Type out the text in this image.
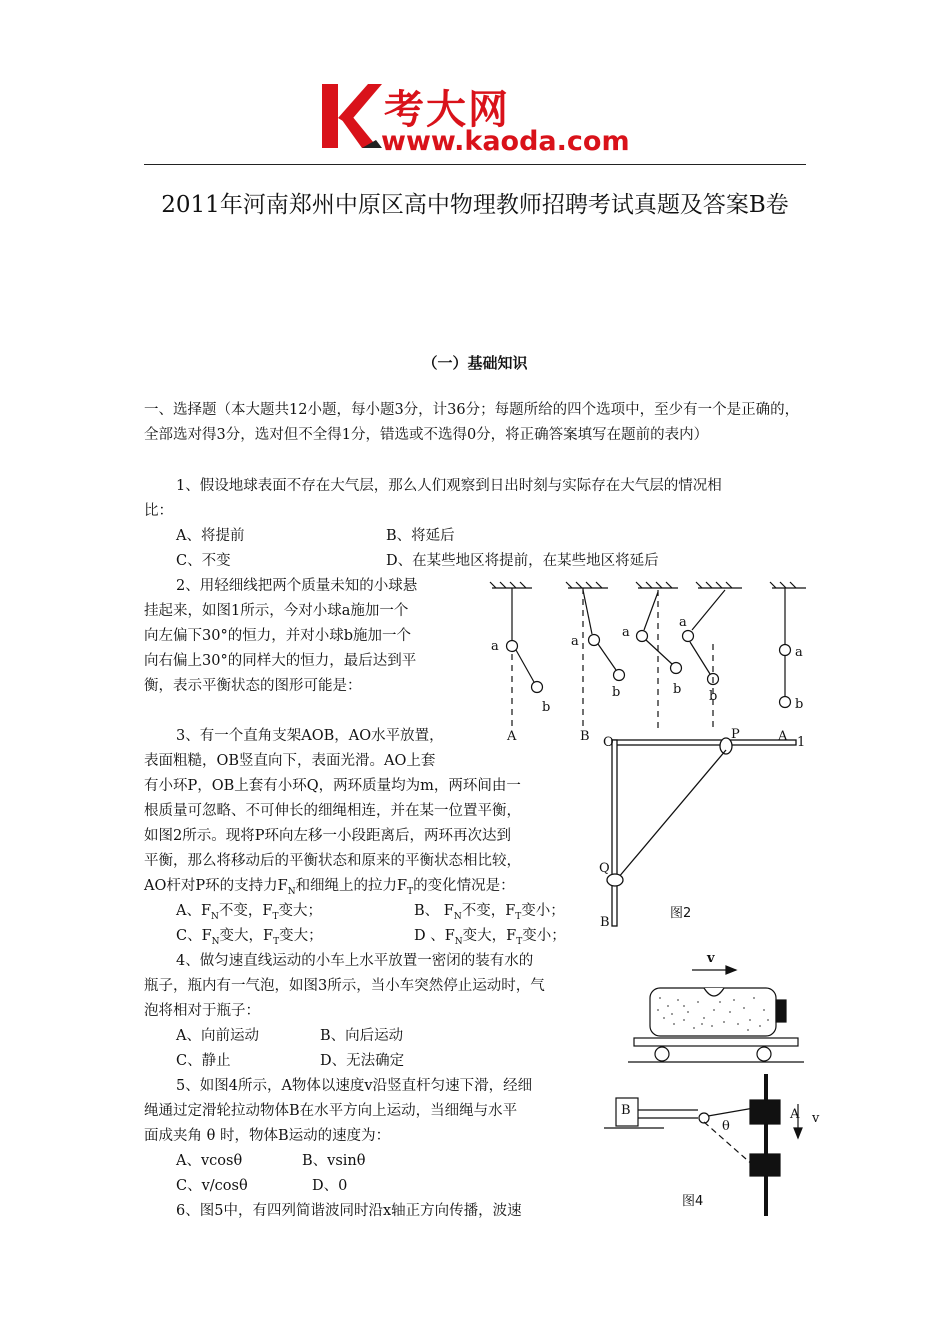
考大网
www.kaoda.com
2011年河南郑州中原区高中物理教师招聘考试真题及答案B卷
（一）基础知识
一、选择题（本大题共12小题，每小题3分，计36分；每题所给的四个选项中，至少有一个是正确的，全部选对得3分，选对但不全得1分，错选或不选得0分，将正确答案填写在题前的表内）
1、假设地球表面不存在大气层，那么人们观察到日出时刻与实际存在大气层的情况相
比：
A、将提前	B、将延后
C、不变	D、在某些地区将提前，在某些地区将延后
2、用轻细线把两个质量未知的小球悬
挂起来，如图1所示，今对小球a施加一个
向左偏下30°的恒力，并对小球b施加一个
向右偏上30°的同样大的恒力，最后达到平
衡，表示平衡状态的图形可能是：
a
b
a
b
a
b
a
b
a
b
A	B
3、有一个直角支架AOB，AO水平放置，
表面粗糙，OB竖直向下，表面光滑。AO上套
有小环P，OB上套有小环Q，两环质量均为m，两环间由一
根质量可忽略、不可伸长的细绳相连，并在某一位置平衡，
如图2所示。现将P环向左移一小段距离后，两环再次达到
平衡，那么将移动后的平衡状态和原来的平衡状态相比较，
AO杆对P环的支持力$F_N$和细绳上的拉力$F_T$的变化情况是：
A、$F_N$不变，$F_T$变大；	B、 $F_N$不变，$F_T$变小；
C、$F_N$变大，$F_T$变大；	D 、$F_N$变大，$F_T$变小；
O
P	A 1
Q
B
图2
4、做匀速直线运动的小车上水平放置一密闭的装有水的
瓶子，瓶内有一气泡，如图3所示，当小车突然停止运动时，气
泡将相对于瓶子：
A、向前运动	B、向后运动
C、静止	D、无法确定
v
5、如图4所示，A物体以速度v沿竖直杆匀速下滑，经细
绳通过定滑轮拉动物体B在水平方向上运动，当细绳与水平
面成夹角 θ 时，物体B运动的速度为：
A、vcosθ	B、vsinθ
C、v/cosθ	D、0
B	A v
θ
图4
6、图5中，有四列简谐波同时沿x轴正方向传播，波速
